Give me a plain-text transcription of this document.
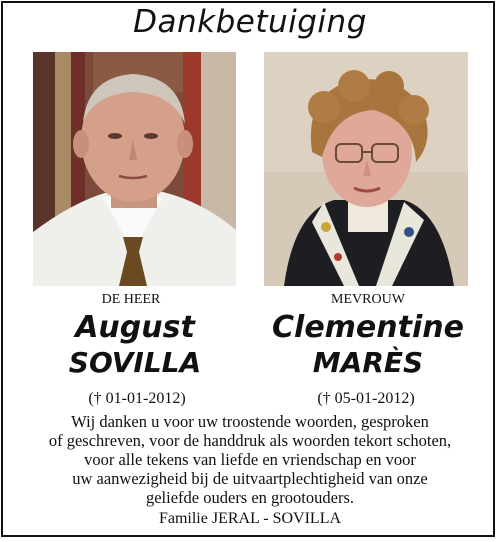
Dankbetuiging
DE HEER
August
SOVILLA
(† 01-01-2012)
MEVROUW
Clementine
MARÈS
(† 05-01-2012)
Wij danken u voor uw troostende woorden, gesproken
of geschreven, voor de handdruk als woorden tekort schoten,
voor alle tekens van liefde en vriendschap en voor
uw aanwezigheid bij de uitvaartplechtigheid van onze
geliefde ouders en grootouders.
Familie JERAL - SOVILLA
